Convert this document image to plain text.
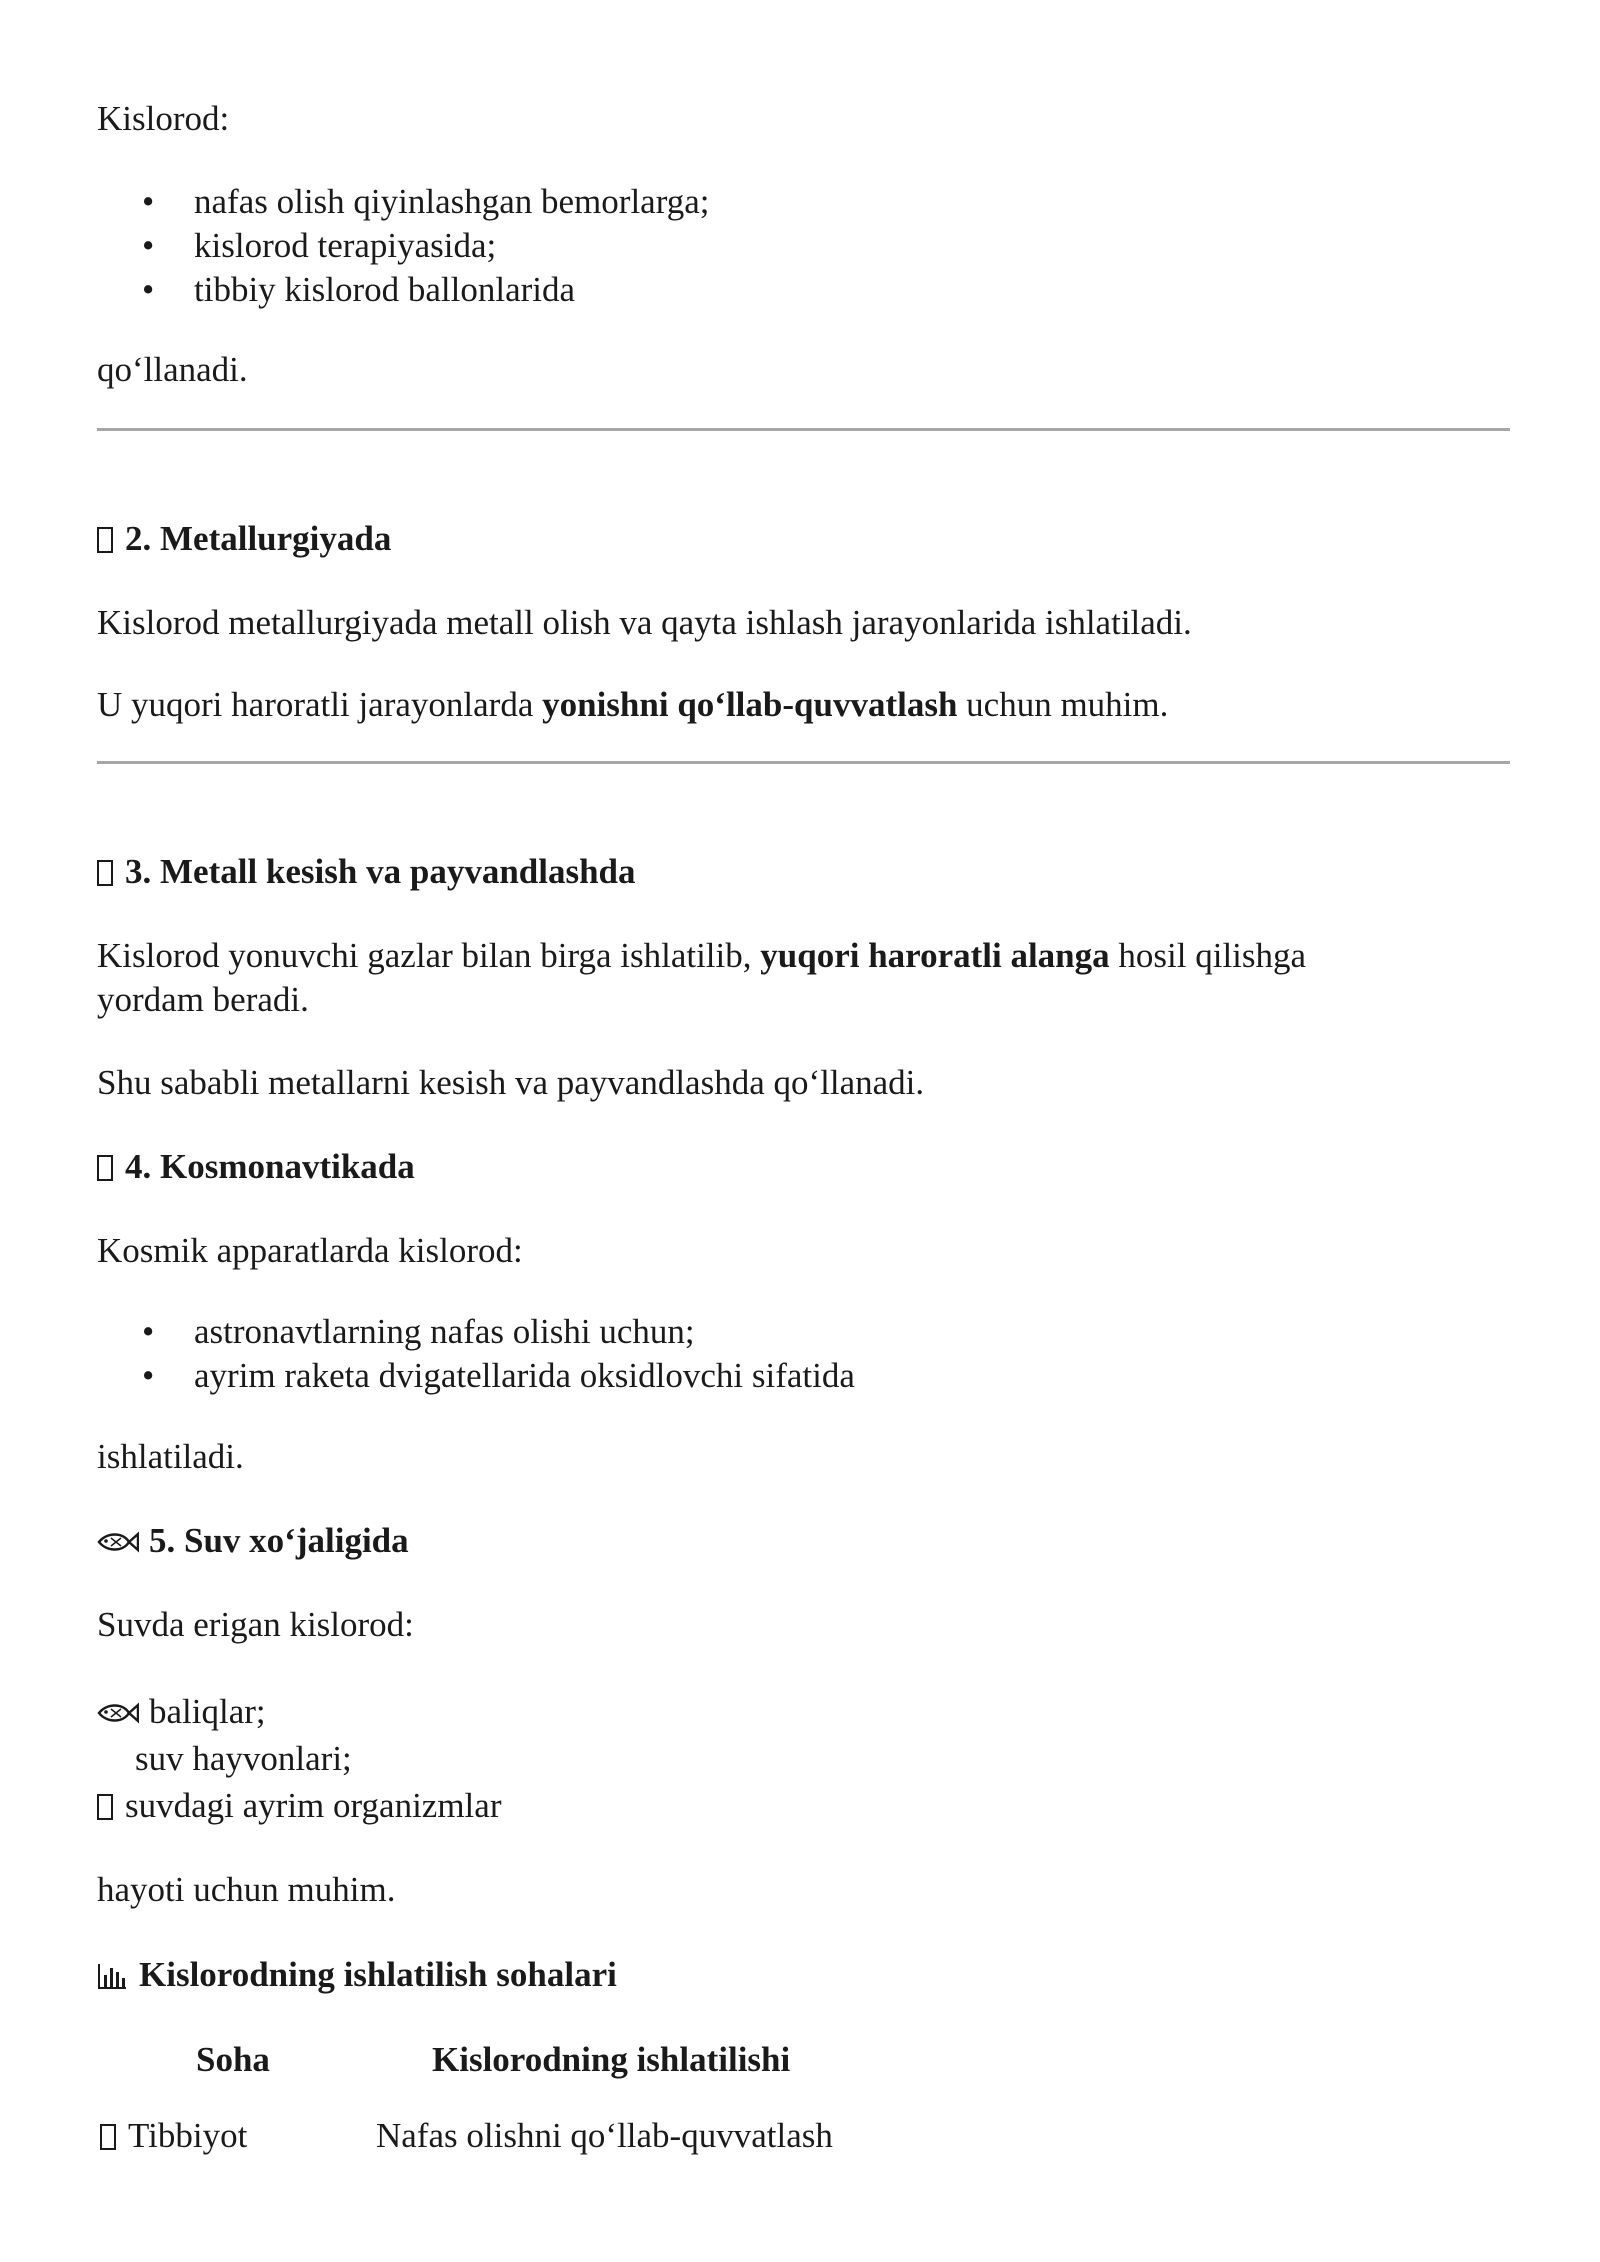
Kislorod:
• nafas olish qiyinlashgan bemorlarga;
• kislorod terapiyasida;
• tibbiy kislorod ballonlarida
qo‘llanadi.
2. Metallurgiyada
Kislorod metallurgiyada metall olish va qayta ishlash jarayonlarida ishlatiladi.
U yuqori haroratli jarayonlarda yonishni qo‘llab-quvvatlash uchun muhim.
3. Metall kesish va payvandlashda
Kislorod yonuvchi gazlar bilan birga ishlatilib, yuqori haroratli alanga hosil qilishga
yordam beradi.
Shu sababli metallarni kesish va payvandlashda qo‘llanadi.
4. Kosmonavtikada
Kosmik apparatlarda kislorod:
• astronavtlarning nafas olishi uchun;
• ayrim raketa dvigatellarida oksidlovchi sifatida
ishlatiladi.
5. Suv xo‘jaligida
Suvda erigan kislorod:
baliqlar;
suv hayvonlari;
suvdagi ayrim organizmlar
hayoti uchun muhim.
Kislorodning ishlatilish sohalari
Soha	Kislorodning ishlatilishi
Tibbiyot	Nafas olishni qo‘llab-quvvatlash
